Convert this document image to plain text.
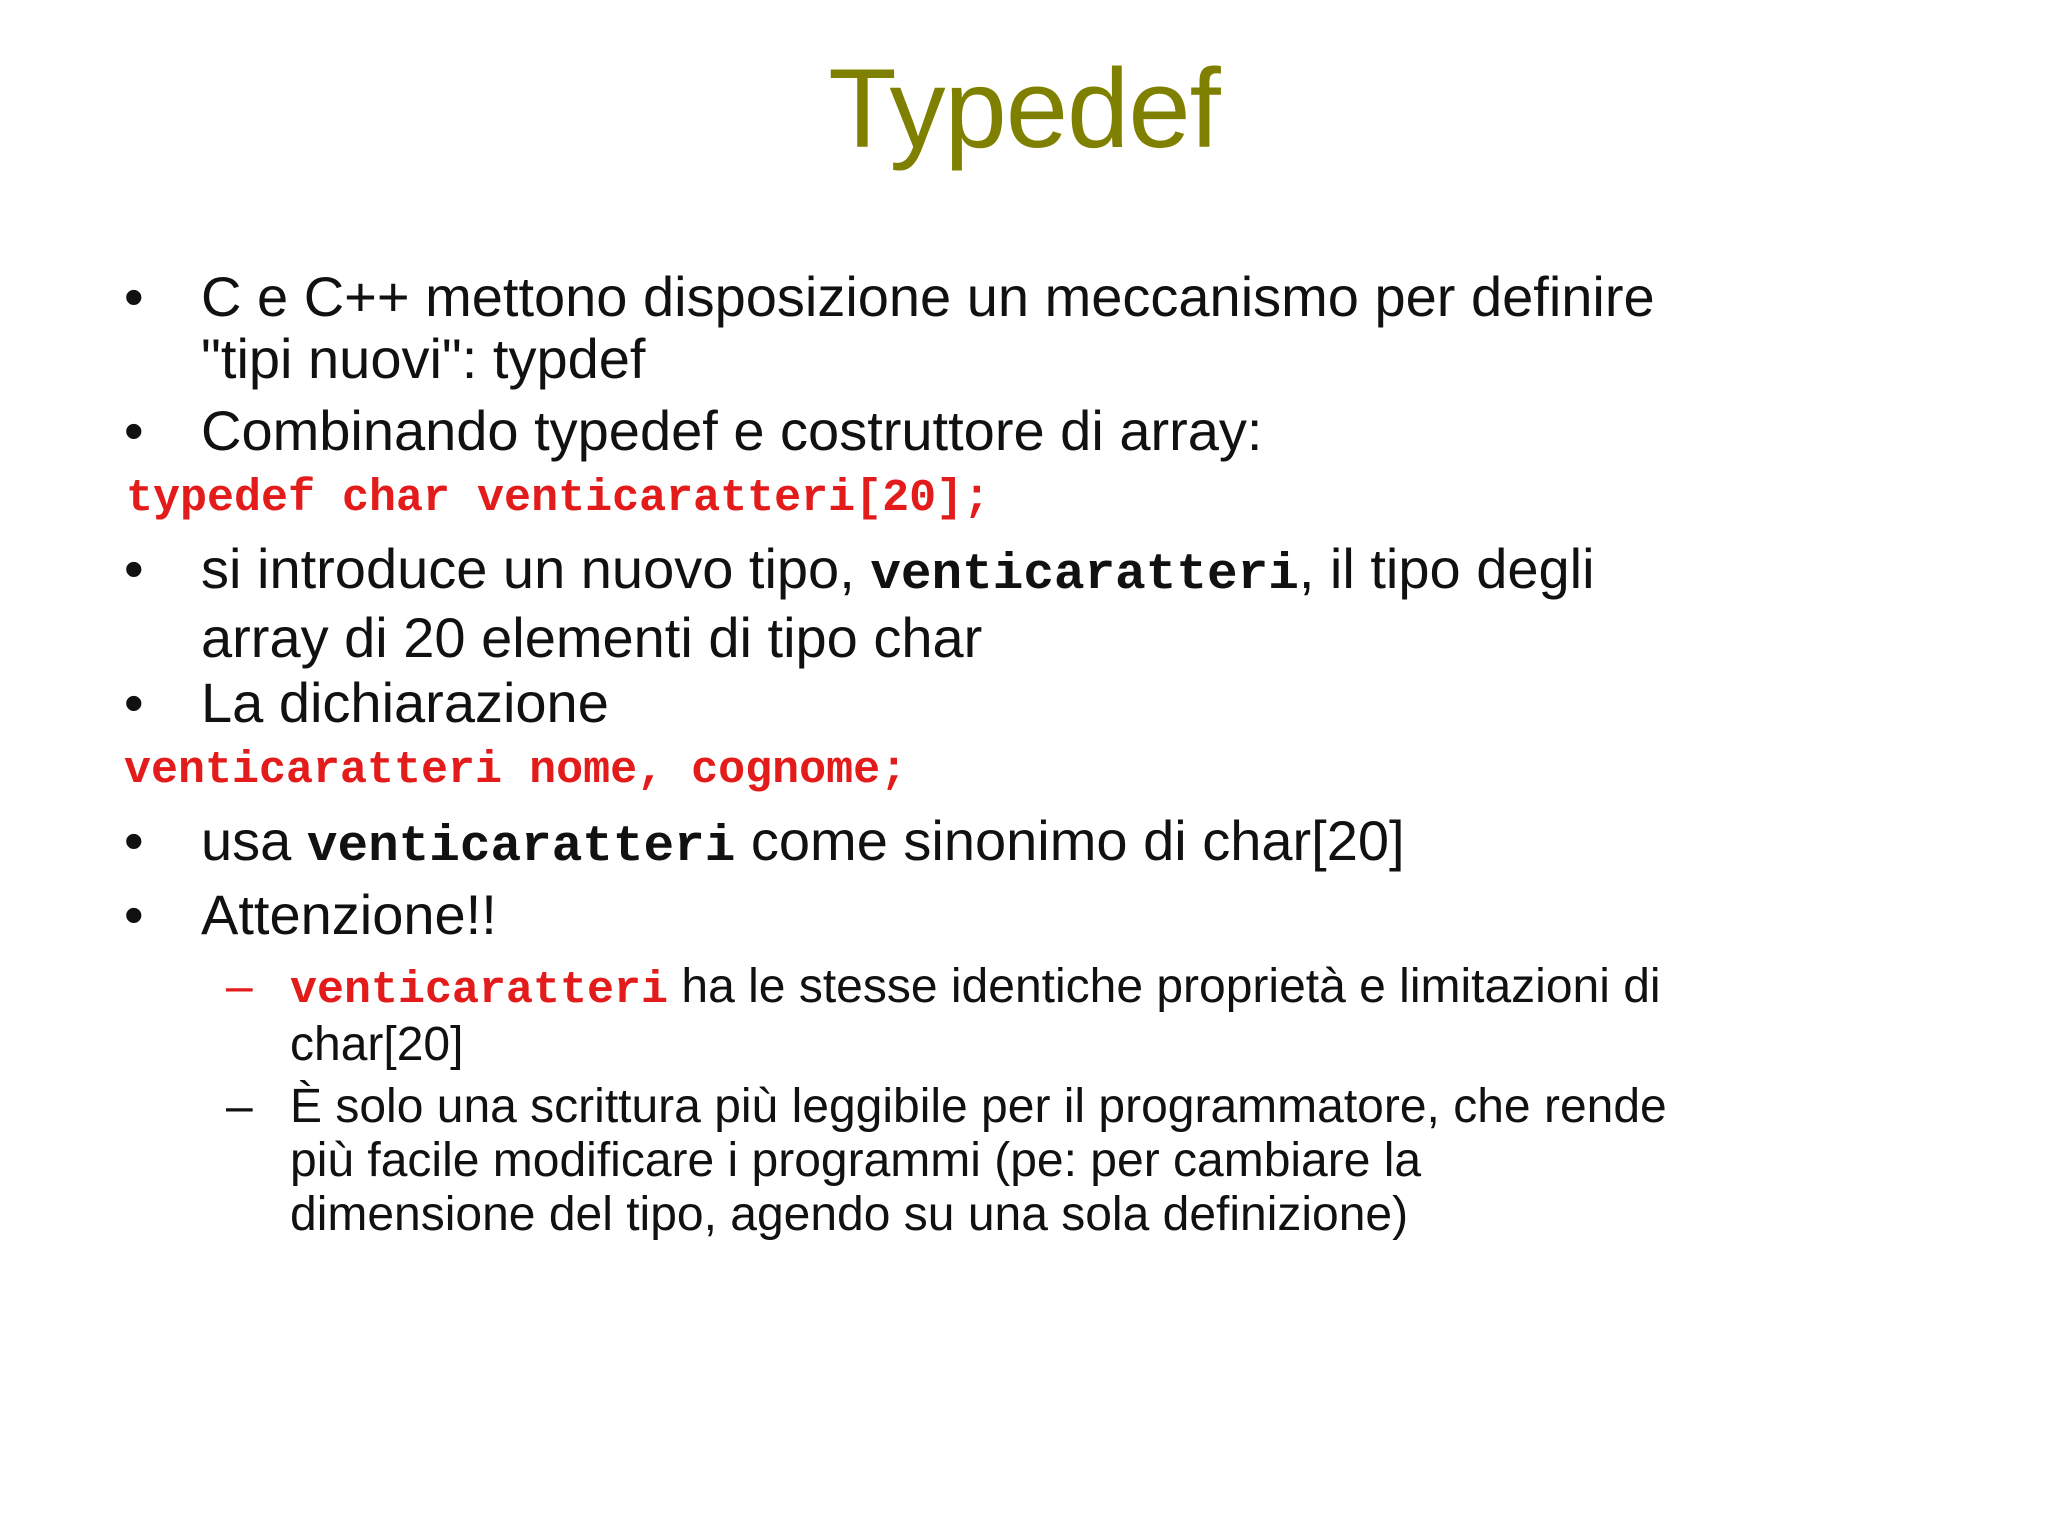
Typedef
• C e C++ mettono disposizione un meccanismo per definire
"tipi nuovi": typdef
• Combinando typedef e costruttore di array:
typedef char venticaratteri[20];
• si introduce un nuovo tipo, venticaratteri, il tipo degli
array di 20 elementi di tipo char
• La dichiarazione
venticaratteri nome, cognome;
• usa venticaratteri come sinonimo di char[20]
• Attenzione!!
– venticaratteri ha le stesse identiche proprietà e limitazioni di
char[20]
– È solo una scrittura più leggibile per il programmatore, che rende
più facile modificare i programmi (pe: per cambiare la
dimensione del tipo, agendo su una sola definizione)
